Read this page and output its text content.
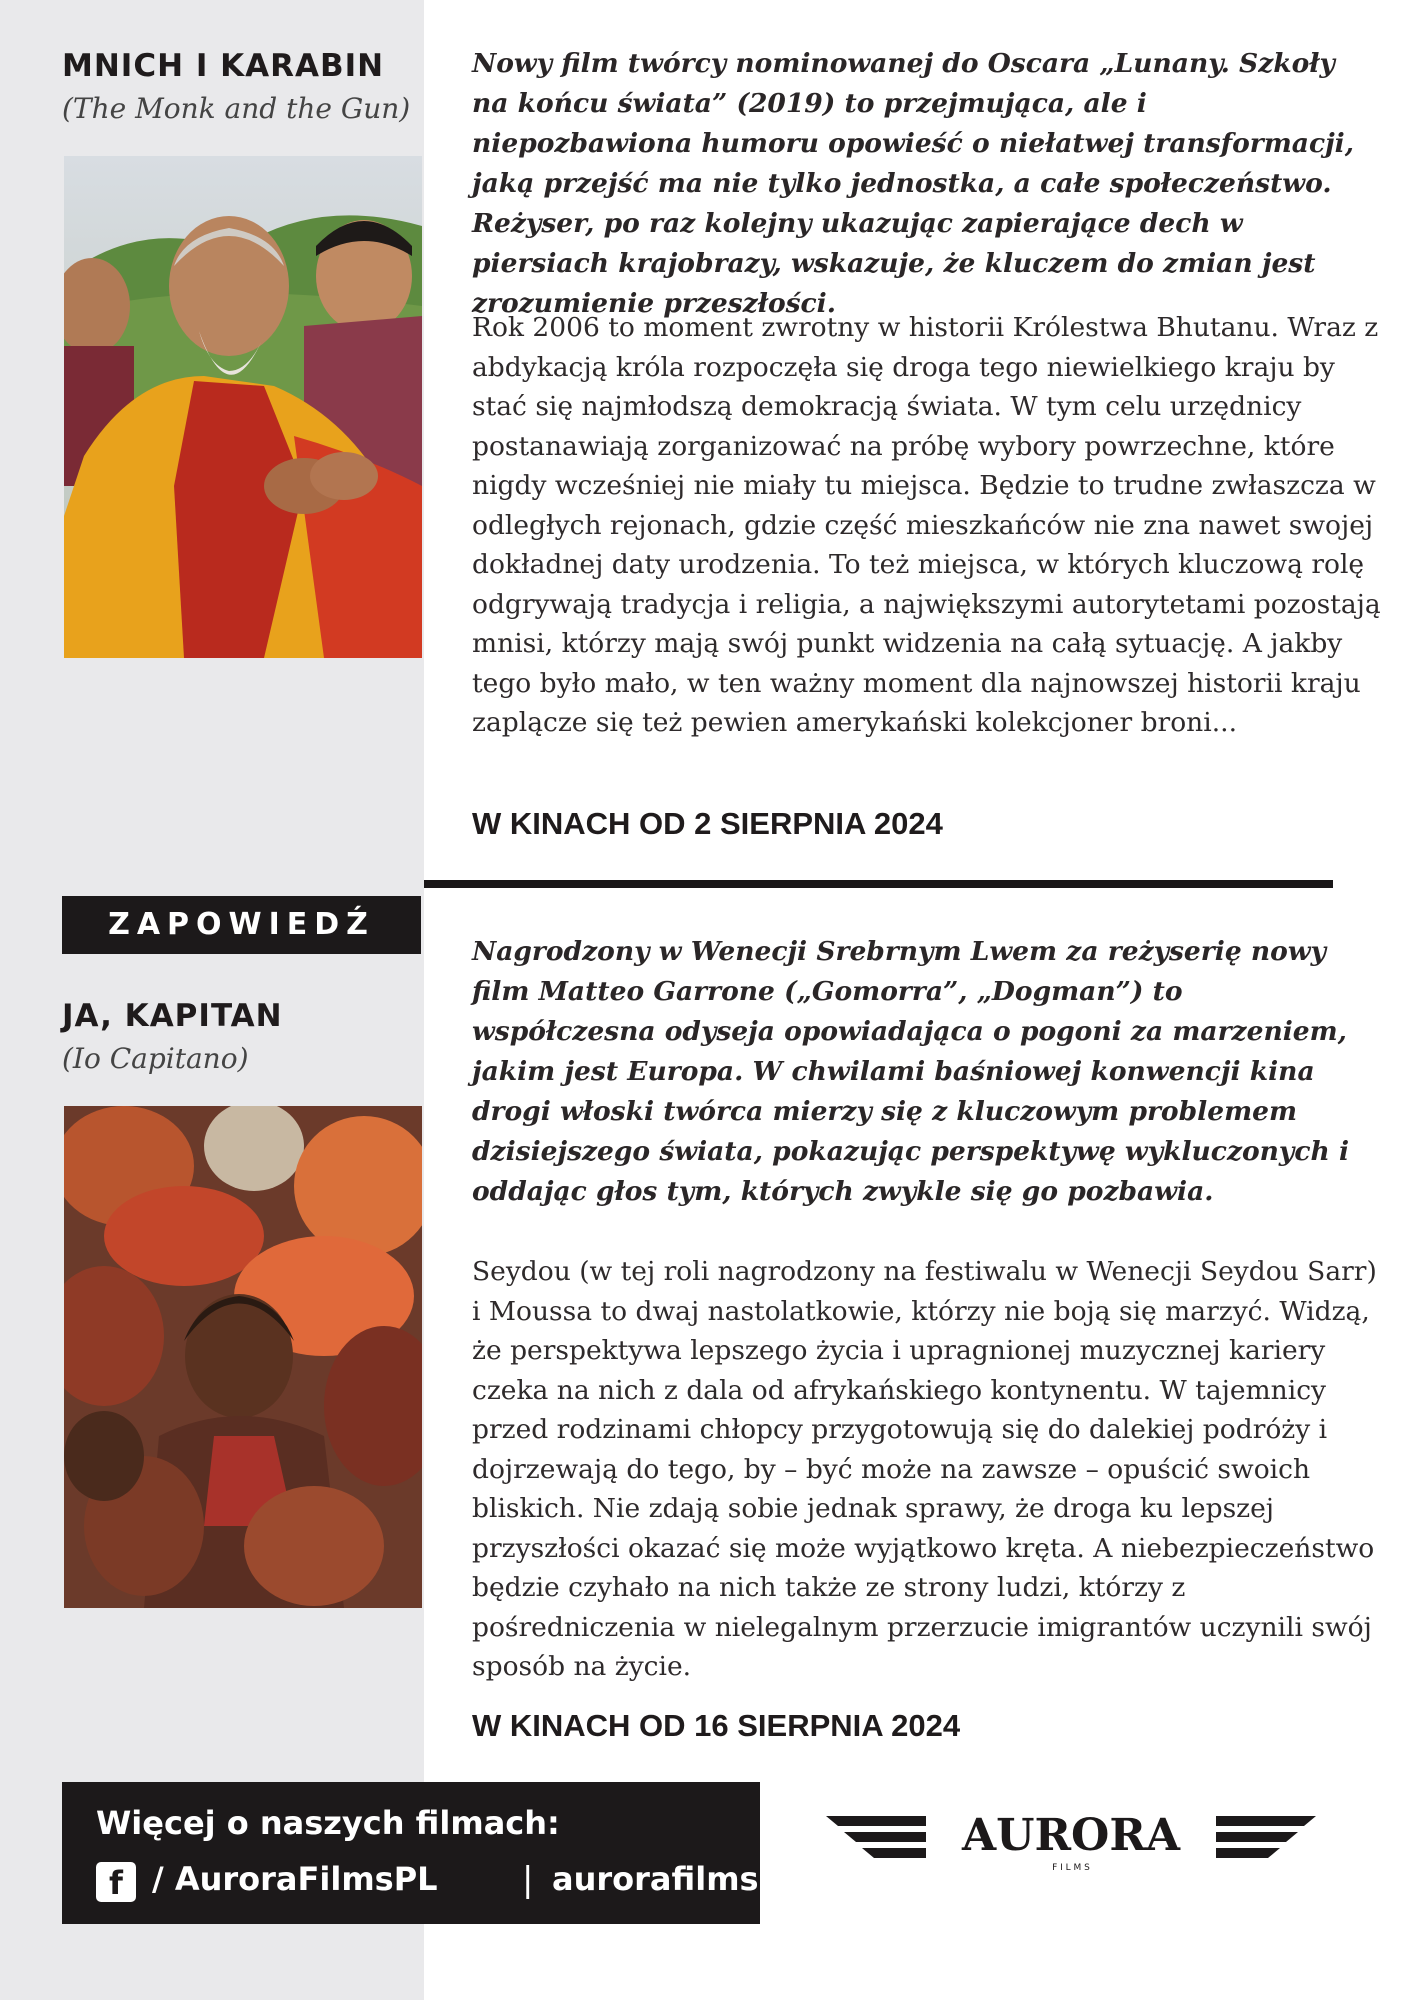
MNICH I KARABIN

(The Monk and the Gun)

Nowy film twórcy nominowanej do Oscara „Lunany. Szkoły na końcu świata” (2019) to przejmująca, ale i niepozbawiona humoru opowieść o niełatwej transformacji, jaką przejść ma nie tylko jednostka, a całe społeczeństwo. Reżyser, po raz kolejny ukazując zapierające dech w piersiach krajobrazy, wskazuje, że kluczem do zmian jest zrozumienie przeszłości.

Rok 2006 to moment zwrotny w historii Królestwa Bhutanu. Wraz z abdykacją króla rozpoczęła się droga tego niewielkiego kraju by stać się najmłodszą demokracją świata. W tym celu urzędnicy postanawiają zorganizować na próbę wybory powrzechne, które nigdy wcześniej nie miały tu miejsca. Będzie to trudne zwłaszcza w odległych rejonach, gdzie część mieszkańców nie zna nawet swojej dokładnej daty urodzenia. To też miejsca, w których kluczową rolę odgrywają tradycja i religia, a największymi autorytetami pozostają mnisi, którzy mają swój punkt widzenia na całą sytuację. A jakby tego było mało, w ten ważny moment dla najnowszej historii kraju zaplącze się też pewien amerykański kolekcjoner broni...

W KINACH OD 2 SIERPNIA 2024

ZAPOWIEDŹ
JA, KAPITAN

(Io Capitano)

Nagrodzony w Wenecji Srebrnym Lwem za reżyserię nowy film Matteo Garrone („Gomorra”, „Dogman”) to współczesna odyseja opowiadająca o pogoni za marzeniem, jakim jest Europa. W chwilami baśniowej konwencji kina drogi włoski twórca mierzy się z kluczowym problemem dzisiejszego świata, pokazując perspektywę wykluczonych i oddając głos tym, których zwykle się go pozbawia.

Seydou (w tej roli nagrodzony na festiwalu w Wenecji Seydou Sarr) i Moussa to dwaj nastolatkowie, którzy nie boją się marzyć. Widzą, że perspektywa lepszego życia i upragnionej muzycznej kariery czeka na nich z dala od afrykańskiego kontynentu. W tajemnicy przed rodzinami chłopcy przygotowują się do dalekiej podróży i dojrzewają do tego, by – być może na zawsze – opuścić swoich bliskich. Nie zdają sobie jednak sprawy, że droga ku lepszej przyszłości okazać się może wyjątkowo kręta. A niebezpieczeństwo będzie czyhało na nich także ze strony ludzi, którzy z pośredniczenia w nielegalnym przerzucie imigrantów uczynili swój sposób na życie.

W KINACH OD 16 SIERPNIA 2024

Więcej o naszych filmach:

f / AuroraFilmsPL | aurorafilms.pl
AURORA
F I L M S
